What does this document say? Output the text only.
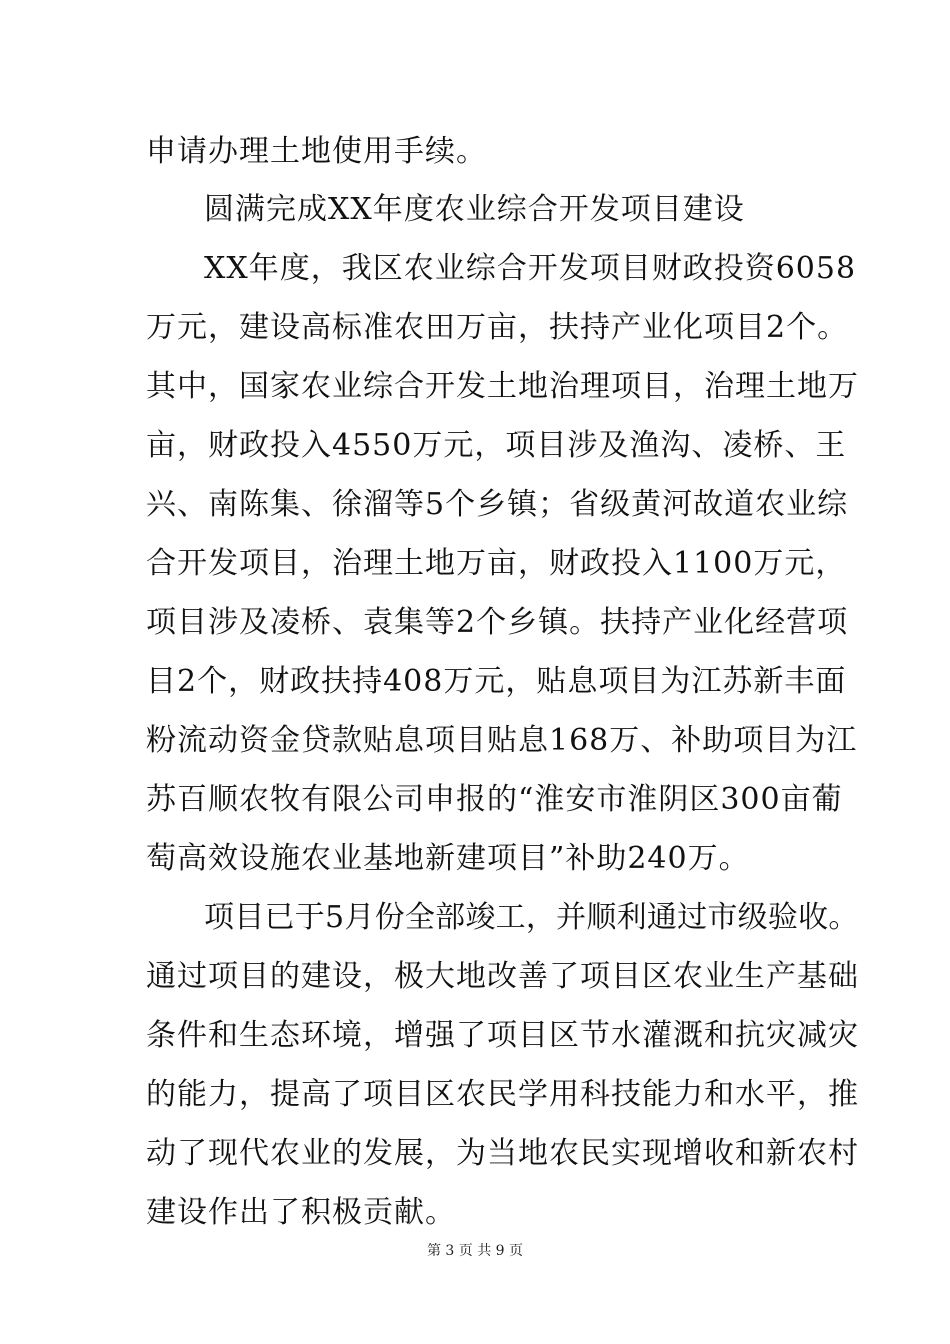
申请办理土地使用手续。
圆满完成XX年度农业综合开发项目建设
XX年度，我区农业综合开发项目财政投资6058
万元，建设高标准农田万亩，扶持产业化项目2个。
其中，国家农业综合开发土地治理项目，治理土地万
亩，财政投入4550万元，项目涉及渔沟、凌桥、王
兴、南陈集、徐溜等5个乡镇；省级黄河故道农业综
合开发项目，治理土地万亩，财政投入1100万元，
项目涉及凌桥、袁集等2个乡镇。扶持产业化经营项
目2个，财政扶持408万元，贴息项目为江苏新丰面
粉流动资金贷款贴息项目贴息168万、补助项目为江
苏百顺农牧有限公司申报的“淮安市淮阴区300亩葡
萄高效设施农业基地新建项目”补助240万。
项目已于5月份全部竣工，并顺利通过市级验收。
通过项目的建设，极大地改善了项目区农业生产基础
条件和生态环境，增强了项目区节水灌溉和抗灾减灾
的能力，提高了项目区农民学用科技能力和水平，推
动了现代农业的发展，为当地农民实现增收和新农村
建设作出了积极贡献。
第 3 页 共 9 页
